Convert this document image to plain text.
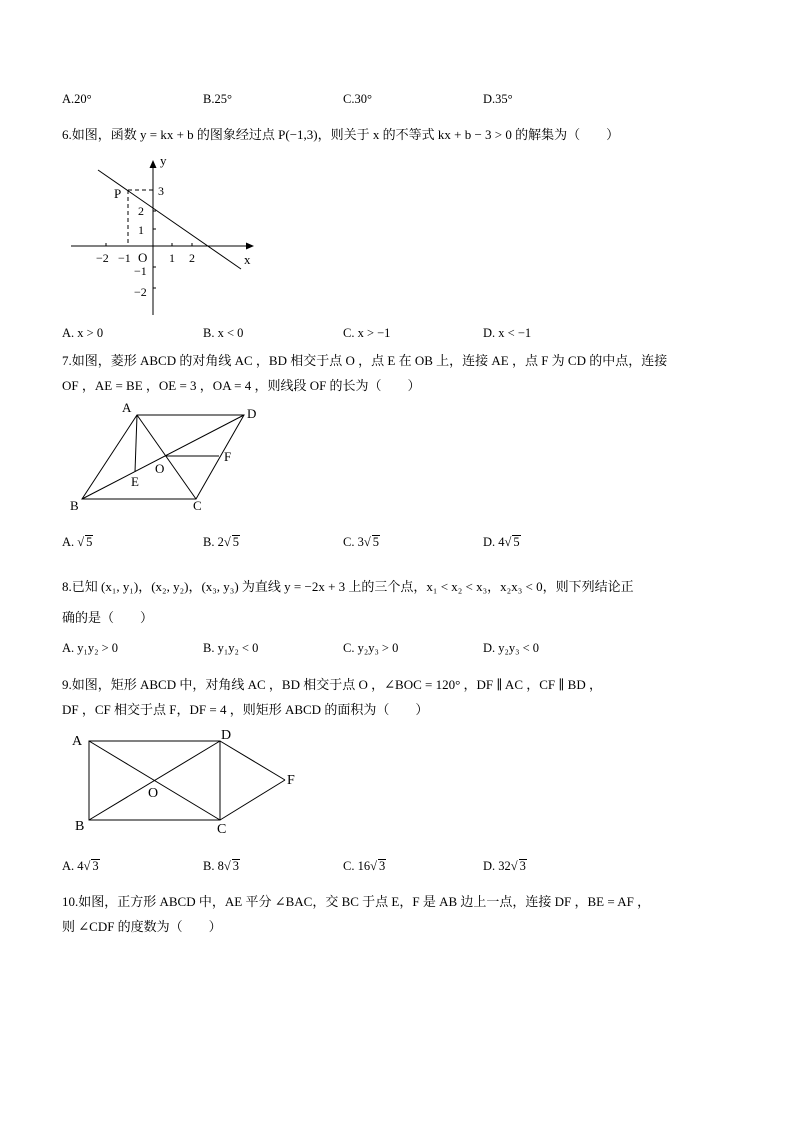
A.20°	B.25°	C.30°	D.35°
6.如图，函数 y = kx + b 的图象经过点 P(−1,3)，则关于 x 的不等式 kx + b − 3 > 0 的解集为（　　）
y
x
O
P
−2 −1	1 2
3
2
1
−1
−2
A. x > 0	B. x < 0	C. x > −1	D. x < −1
7.如图，菱形 ABCD 的对角线 AC ，BD 相交于点 O ，点 E 在 OB 上，连接 AE ，点 F 为 CD 的中点，连接
OF ，AE = BE ，OE = 3 ，OA = 4 ，则线段 OF 的长为（　　）
A	D
O
F
E
B	C
A. √ 5	B. 2√ 5	C. 3√ 5	D. 4√ 5
8.已知 (x₁, y₁)，(x₂, y₂)，(x₃, y₃) 为直线 y = −2x + 3 上的三个点，x₁ < x₂ < x₃，x₂x₃ < 0，则下列结论正
确的是（　　）
A. y₁y₂ > 0	B. y₁y₂ < 0	C. y₂y₃ > 0	D. y₂y₃ < 0
9.如图，矩形 ABCD 中，对角线 AC ，BD 相交于点 O ，∠BOC = 120° ，DF ∥ AC ，CF ∥ BD ，
DF ，CF 相交于点 F，DF = 4 ，则矩形 ABCD 的面积为（　　）
A	D
O
F
B	C
A. 4√ 3	B. 8√ 3	C. 16√ 3	D. 32√ 3
10.如图，正方形 ABCD 中，AE 平分 ∠BAC，交 BC 于点 E，F 是 AB 边上一点，连接 DF ，BE = AF ，
则 ∠CDF 的度数为（　　）
